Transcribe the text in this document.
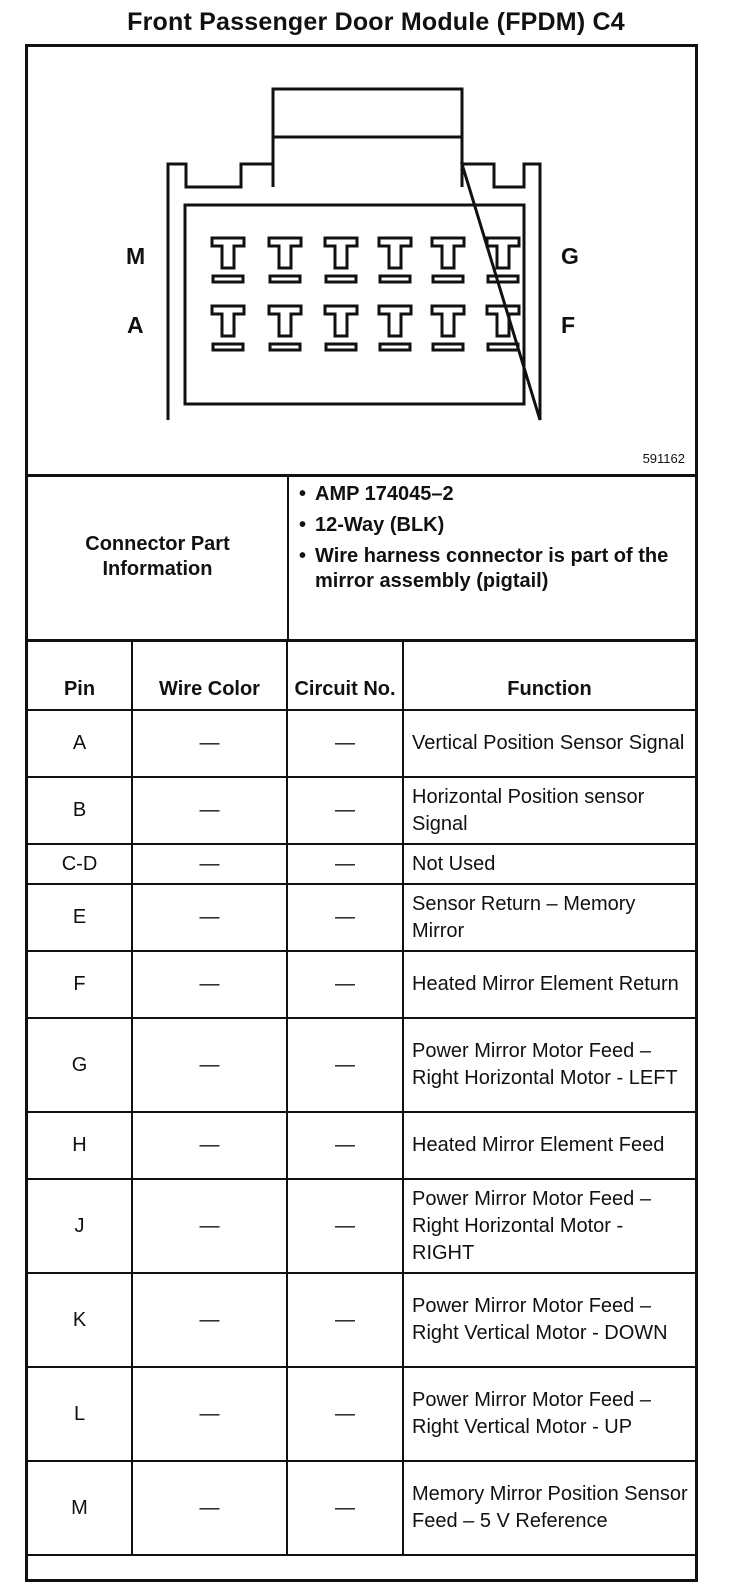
Front Passenger Door Module (FPDM) C4
M
A
G
F
591162
Connector Part Information
• AMP 174045–2
• 12-Way (BLK)
• Wire harness connector is part of the mirror assembly (pigtail)
Pin	Wire Color	Circuit No.	Function
A	—	—	Vertical Position Sensor Signal
B	—	—	Horizontal Position sensor Signal
C-D	—	—	Not Used
E	—	—	Sensor Return – Memory Mirror
F	—	—	Heated Mirror Element Return
G	—	—	Power Mirror Motor Feed – Right Horizontal Motor - LEFT
H	—	—	Heated Mirror Element Feed
J	—	—	Power Mirror Motor Feed – Right Horizontal Motor - RIGHT
K	—	—	Power Mirror Motor Feed – Right Vertical Motor - DOWN
L	—	—	Power Mirror Motor Feed – Right Vertical Motor - UP
M	—	—	Memory Mirror Position Sensor Feed – 5 V Reference
